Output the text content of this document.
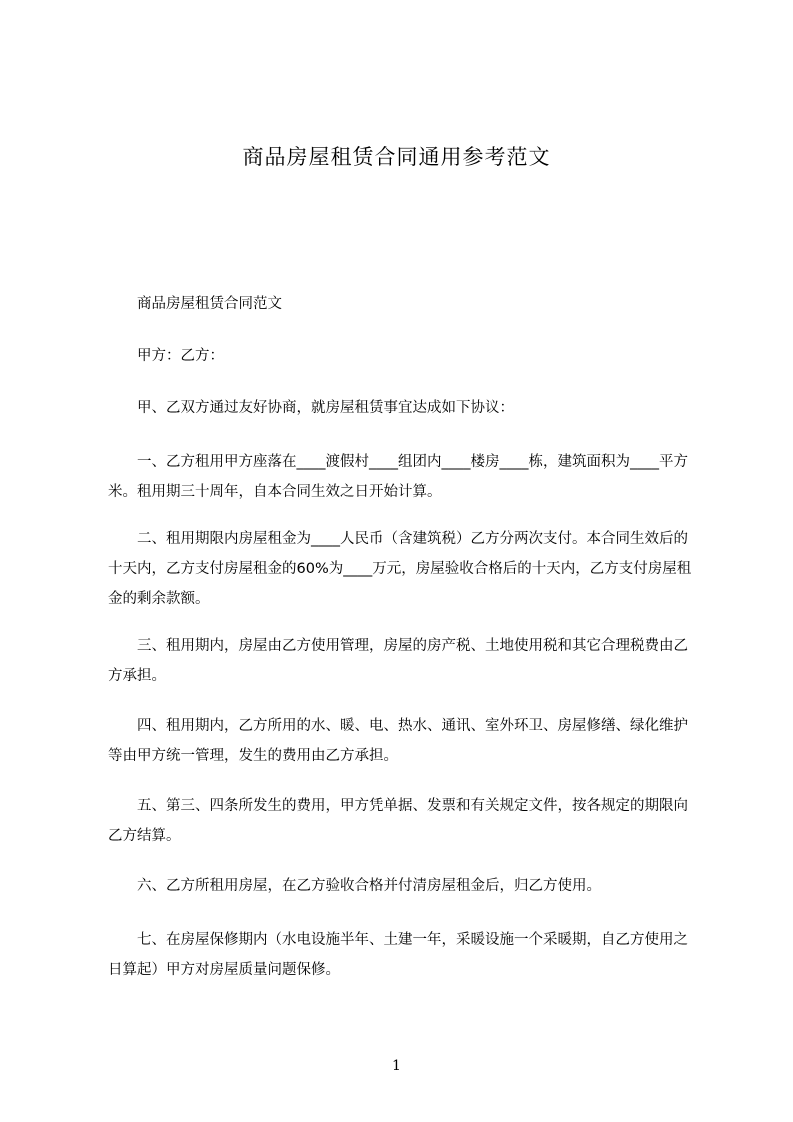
商品房屋租赁合同通用参考范文
商品房屋租赁合同范文
甲方：乙方：
甲、乙双方通过友好协商，就房屋租赁事宜达成如下协议：
一、乙方租用甲方座落在____渡假村____组团内____楼房____栋，建筑面积为____平方米。租用期三十周年，自本合同生效之日开始计算。
二、租用期限内房屋租金为____人民币（含建筑税）乙方分两次支付。本合同生效后的十天内，乙方支付房屋租金的60%为____万元，房屋验收合格后的十天内，乙方支付房屋租金的剩余款额。
三、租用期内，房屋由乙方使用管理，房屋的房产税、土地使用税和其它合理税费由乙方承担。
四、租用期内，乙方所用的水、暖、电、热水、通讯、室外环卫、房屋修缮、绿化维护等由甲方统一管理，发生的费用由乙方承担。
五、第三、四条所发生的费用，甲方凭单据、发票和有关规定文件，按各规定的期限向乙方结算。
六、乙方所租用房屋，在乙方验收合格并付清房屋租金后，归乙方使用。
七、在房屋保修期内（水电设施半年、土建一年，采暖设施一个采暖期，自乙方使用之日算起）甲方对房屋质量问题保修。
1
